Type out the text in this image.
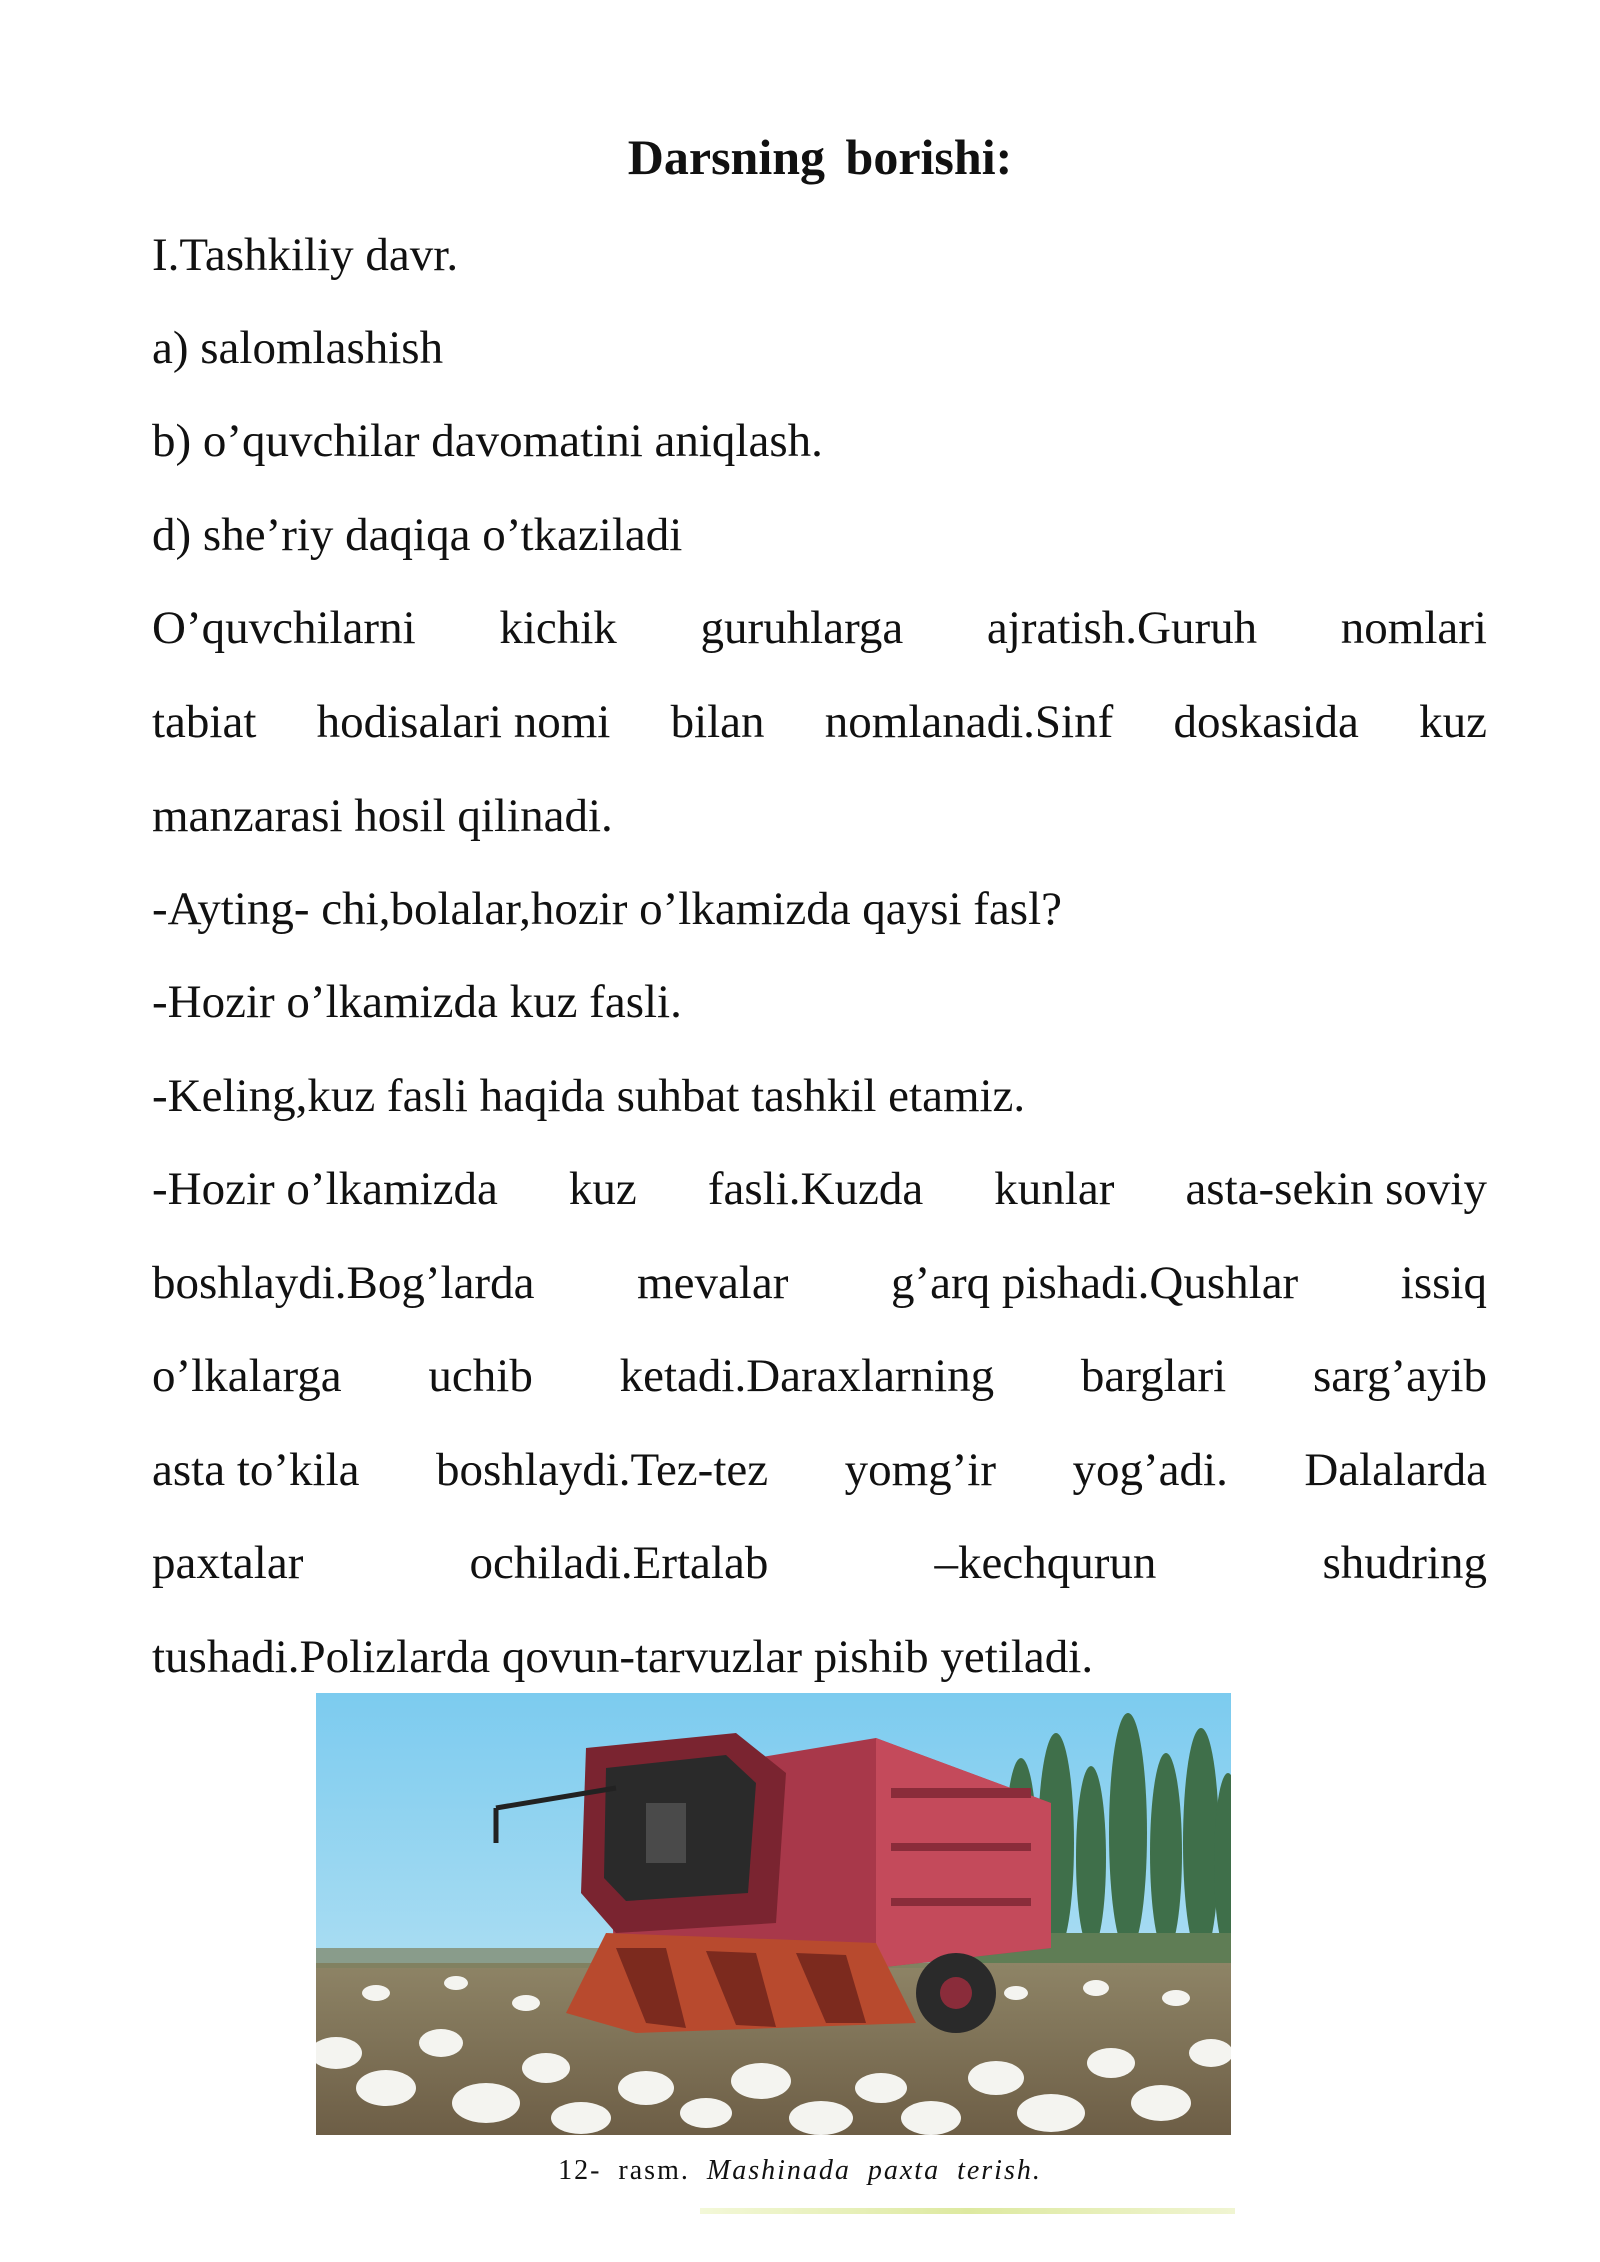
Darsning borishi:

I.Tashkiliy davr.

a) salomlashish

b) o’quvchilar davomatini aniqlash.

d) she’riy daqiqa o’tkaziladi

O’quvchilarni kichik guruhlarga ajratish.Guruh nomlari

tabiat hodisalari nomi bilan nomlanadi.Sinf doskasida kuz

manzarasi hosil qilinadi.

-Ayting- chi,bolalar,hozir o’lkamizda qaysi fasl?

-Hozir o’lkamizda kuz fasli.

-Keling,kuz fasli haqida suhbat tashkil etamiz.

-Hozir o’lkamizda kuz fasli.Kuzda kunlar asta-sekin soviy

boshlaydi.Bog’larda mevalar g’arq pishadi.Qushlar issiq

o’lkalarga uchib ketadi.Daraxlarning barglari sarg’ayib

asta to’kila boshlaydi.Tez-tez yomg’ir yog’adi. Dalalarda

paxtalar	ochiladi.Ertalab	–kechqurun	shudring

tushadi.Polizlarda qovun-tarvuzlar pishib yetiladi.

12- rasm. Mashinada paxta terish.
